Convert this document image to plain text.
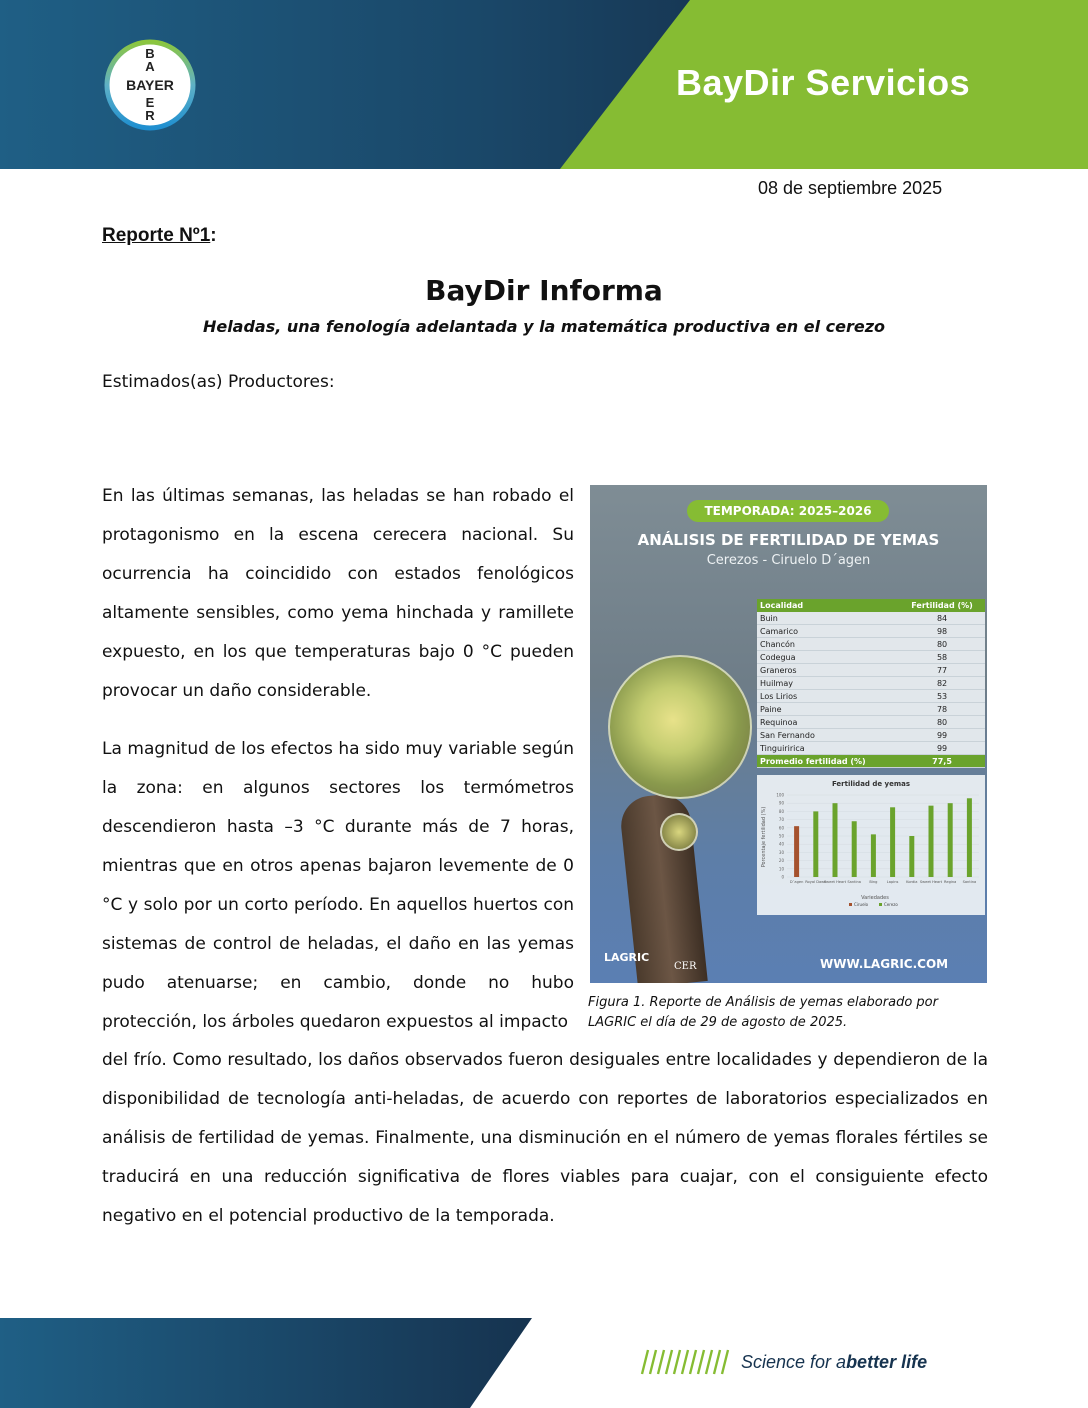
BayDir Servicios
BAYER
B
A
E
R
08 de septiembre 2025
Reporte Nº1:
BayDir Informa
Heladas, una fenología adelantada y la matemática productiva en el cerezo
Estimados(as) Productores:

En las últimas semanas, las heladas se han robado el protagonismo en la escena cerecera nacional. Su ocurrencia ha coincidido con estados fenológicos altamente sensibles, como yema hinchada y ramillete expuesto, en los que temperaturas bajo 0 °C pueden provocar un daño considerable.

La magnitud de los efectos ha sido muy variable según la zona: en algunos sectores los termómetros descendieron hasta –3 °C durante más de 7 horas, mientras que en otros apenas bajaron levemente de 0 °C y solo por un corto período. En aquellos huertos con sistemas de control de heladas, el daño en las yemas pudo atenuarse; en cambio, donde no hubo protección, los árboles quedaron expuestos al impacto

del frío. Como resultado, los daños observados fueron desiguales entre localidades y dependieron de la disponibilidad de tecnología anti-heladas, de acuerdo con reportes de laboratorios especializados en análisis de fertilidad de yemas. Finalmente, una disminución en el número de yemas florales fértiles se traducirá en una reducción significativa de flores viables para cuajar, con el consiguiente efecto negativo en el potencial productivo de la temporada.

TEMPORADA: 2025–2026
ANÁLISIS DE FERTILIDAD DE YEMAS
Cerezos - Ciruelo D´agen
Localidad	Fertilidad (%)
Buin	84
Camarico	98
Chancón	80
Codegua	58
Graneros	77
Huilmay	82
Los Lirios	53
Paine	78
Requinoa	80
San Fernando	99
Tinguiririca	99
Promedio fertilidad (%)	77,5
Fertilidad de yemas
Porcentaje fertilidad (%)
Variedades
0
10
20
30
40
50
60
70
80
90
100
D´agen Royal Dawn
Sweet Heart Santina Bing	Lapins Kordia Sweet Heart Regina Santina
Ciruelo	Cerezo
LAGRIC
CER	WWW.LAGRIC.COM

Figura 1. Reporte de Análisis de yemas elaborado por LAGRIC el día de 29 de agosto de 2025.

Science for abetter life
